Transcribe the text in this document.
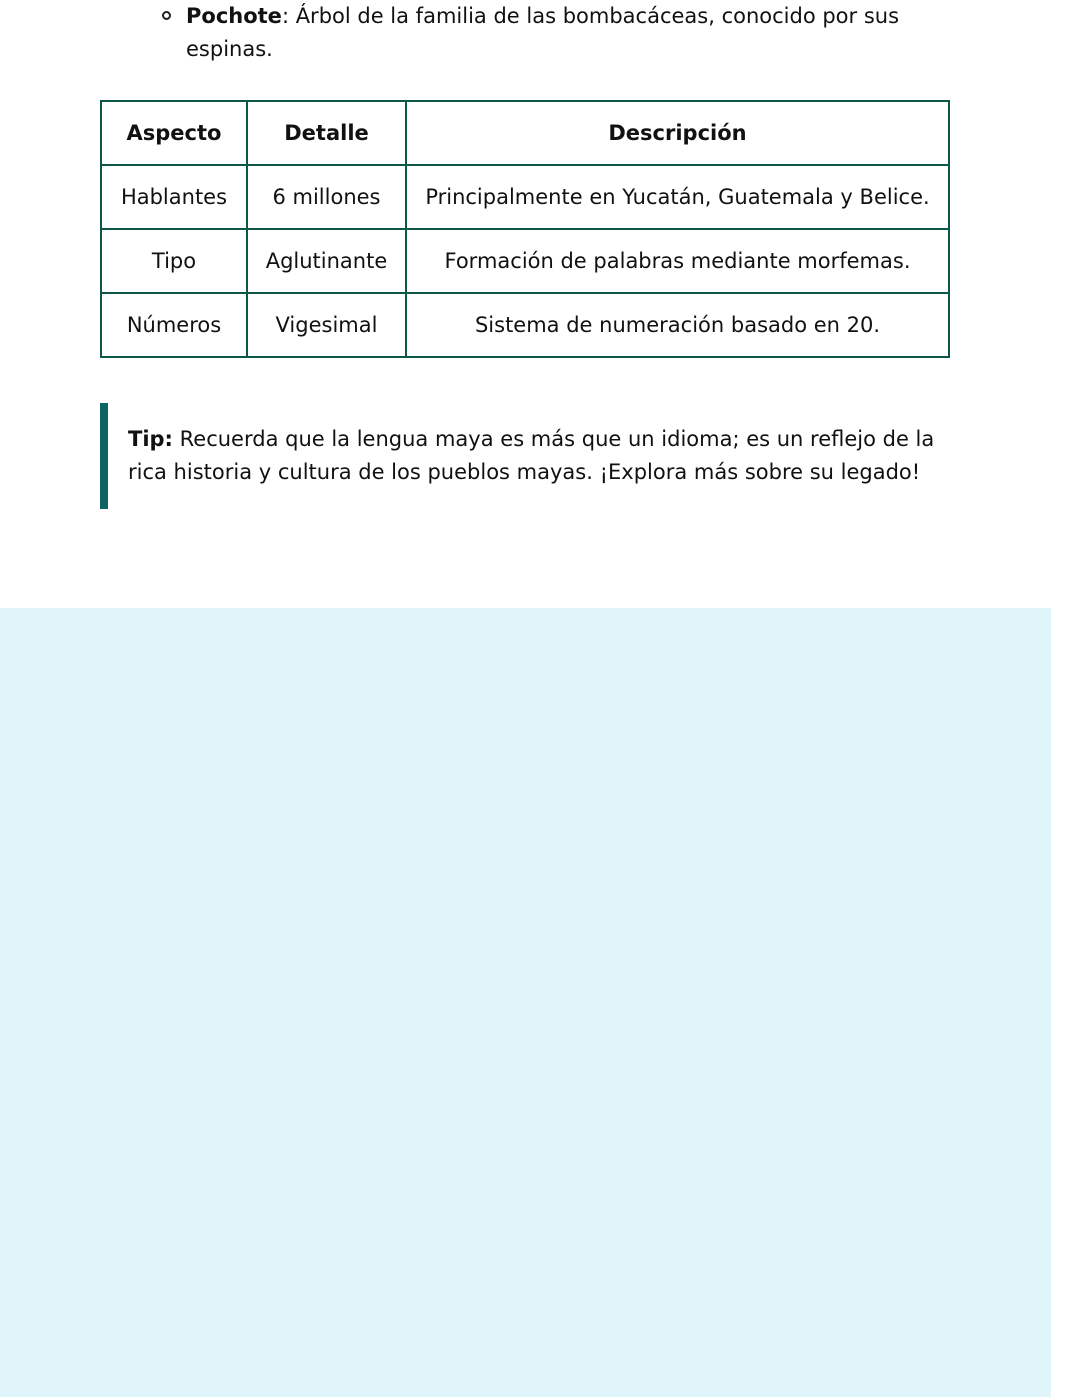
Pochote: Árbol de la familia de las bombacáceas, conocido por sus espinas.
Aspecto	Detalle	Descripción
Hablantes	6 millones	Principalmente en Yucatán, Guatemala y Belice.
Tipo	Aglutinante	Formación de palabras mediante morfemas.
Números	Vigesimal	Sistema de numeración basado en 20.
Tip: Recuerda que la lengua maya es más que un idioma; es un reflejo de la rica historia y cultura de los pueblos mayas. ¡Explora más sobre su legado!
